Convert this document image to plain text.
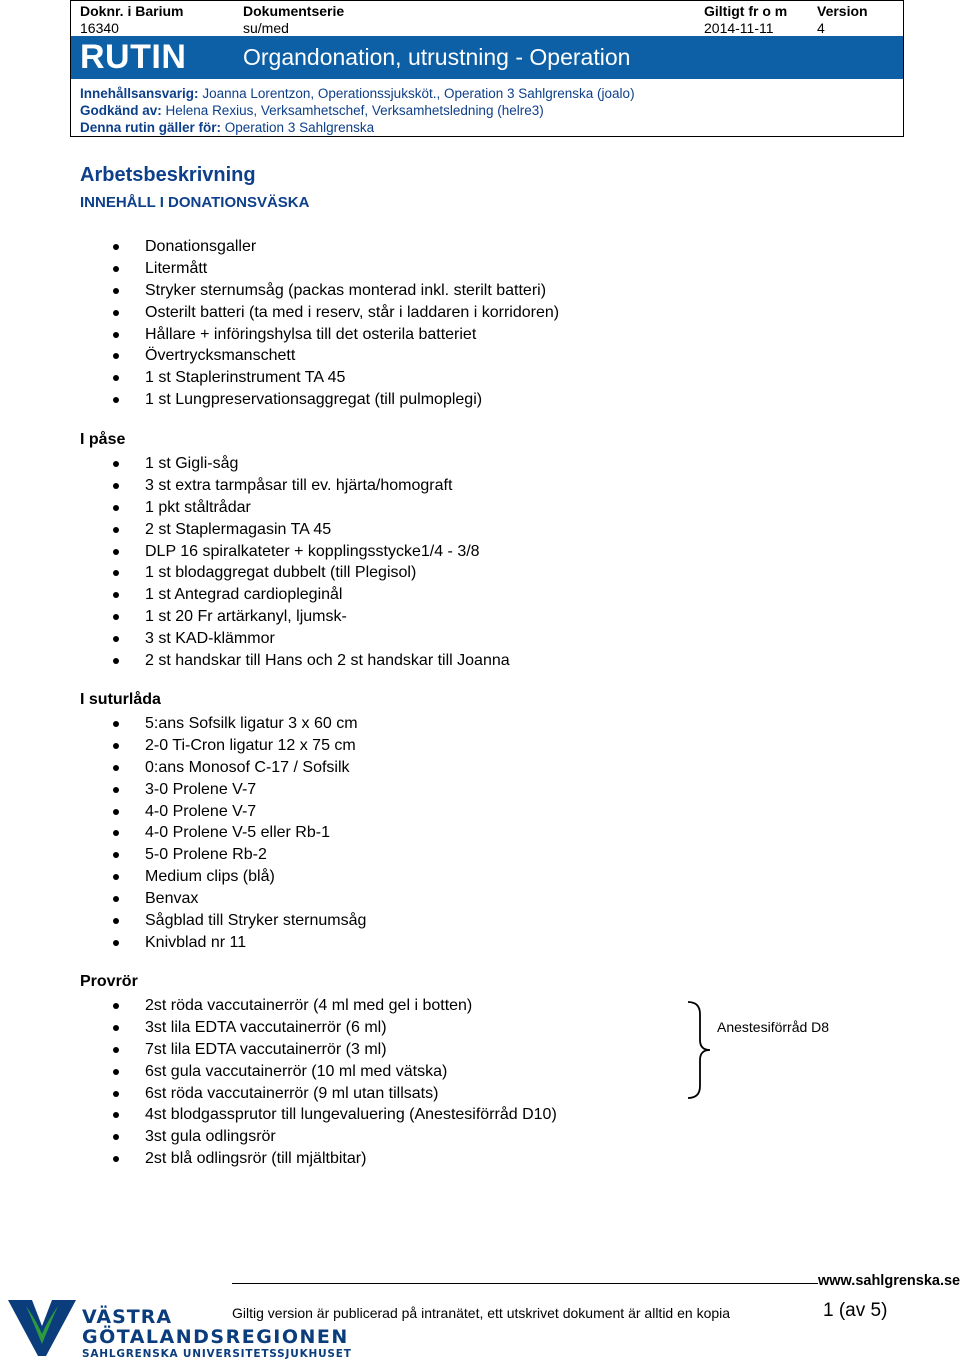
Doknr. i Barium
16340
Dokumentserie
su/med
Giltigt fr o m
2014-11-11
Version
4
RUTIN Organdonation, utrustning - Operation
Innehållsansvarig: Joanna Lorentzon, Operationssjuksköt., Operation 3 Sahlgrenska (joalo)
Godkänd av: Helena Rexius, Verksamhetschef, Verksamhetsledning (helre3)
Denna rutin gäller för: Operation 3 Sahlgrenska
Arbetsbeskrivning
INNEHÅLL I DONATIONSVÄSKA
Donationsgaller
Litermått
Stryker sternumsåg (packas monterad inkl. sterilt batteri)
Osterilt batteri (ta med i reserv, står i laddaren i korridoren)
Hållare + införingshylsa till det osterila batteriet
Övertrycksmanschett
1 st Staplerinstrument TA 45
1 st Lungpreservationsaggregat (till pulmoplegi)
I påse
1 st Gigli-såg
3 st extra tarmpåsar till ev. hjärta/homograft
1 pkt ståltrådar
2 st Staplermagasin TA 45
DLP 16 spiralkateter + kopplingsstycke1/4 - 3/8
1 st blodaggregat dubbelt (till Plegisol)
1 st Antegrad cardiopleginål
1 st 20 Fr artärkanyl, ljumsk-
3 st KAD-klämmor
2 st handskar till Hans och 2 st handskar till Joanna
I suturlåda
5:ans Sofsilk ligatur 3 x 60 cm
2-0 Ti-Cron ligatur 12 x 75 cm
0:ans Monosof C-17 / Sofsilk
3-0 Prolene V-7
4-0 Prolene V-7
4-0 Prolene V-5 eller Rb-1
5-0 Prolene Rb-2
Medium clips (blå)
Benvax
Sågblad till Stryker sternumsåg
Knivblad nr 11
Provrör
2st röda vaccutainerrör (4 ml med gel i botten)
3st lila EDTA vaccutainerrör (6 ml)
7st lila EDTA vaccutainerrör (3 ml)
6st gula vaccutainerrör (10 ml med vätska)
6st röda vaccutainerrör (9 ml utan tillsats)
4st blodgassprutor till lungevaluering (Anestesiförråd D10)
3st gula odlingsrör
2st blå odlingsrör (till mjältbitar)
Anestesiförråd D8
www.sahlgrenska.se
Giltig version är publicerad på intranätet, ett utskrivet dokument är alltid en kopia	1 (av 5)
VÄSTRA
GÖTALANDSREGIONEN
SAHLGRENSKA UNIVERSITETSSJUKHUSET
